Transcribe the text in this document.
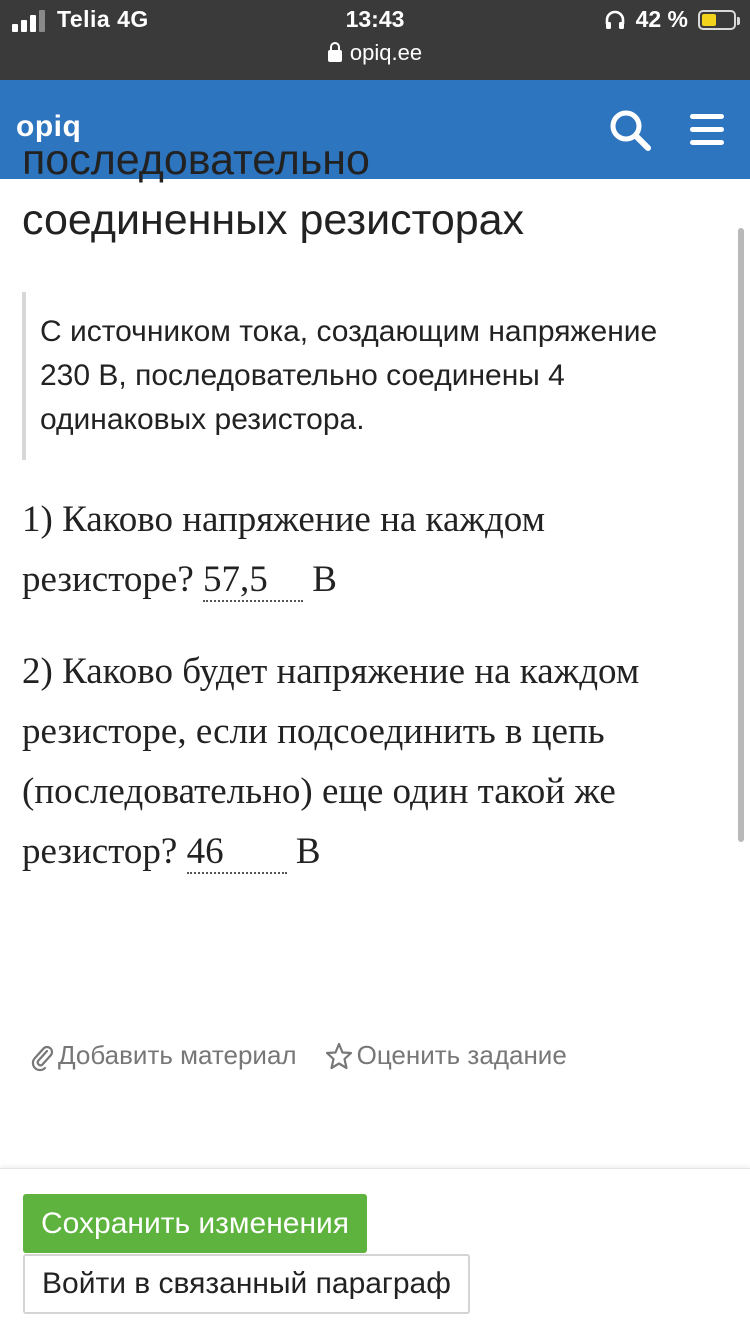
Telia 4G	13:43	42 %
opiq.ee
opiq
последовательно
соединенных резисторах

С источником тока, создающим напряжение 230 В, последовательно соединены 4 одинаковых резистора.

1) Каково напряжение на каждом резисторе? 57,5 В
2) Каково будет напряжение на каждом резисторе, если подсоединить в цепь (последовательно) еще один такой же резистор? 46 В
Добавить материал Оценить задание
Сохранить изменения
Войти в связанный параграф
